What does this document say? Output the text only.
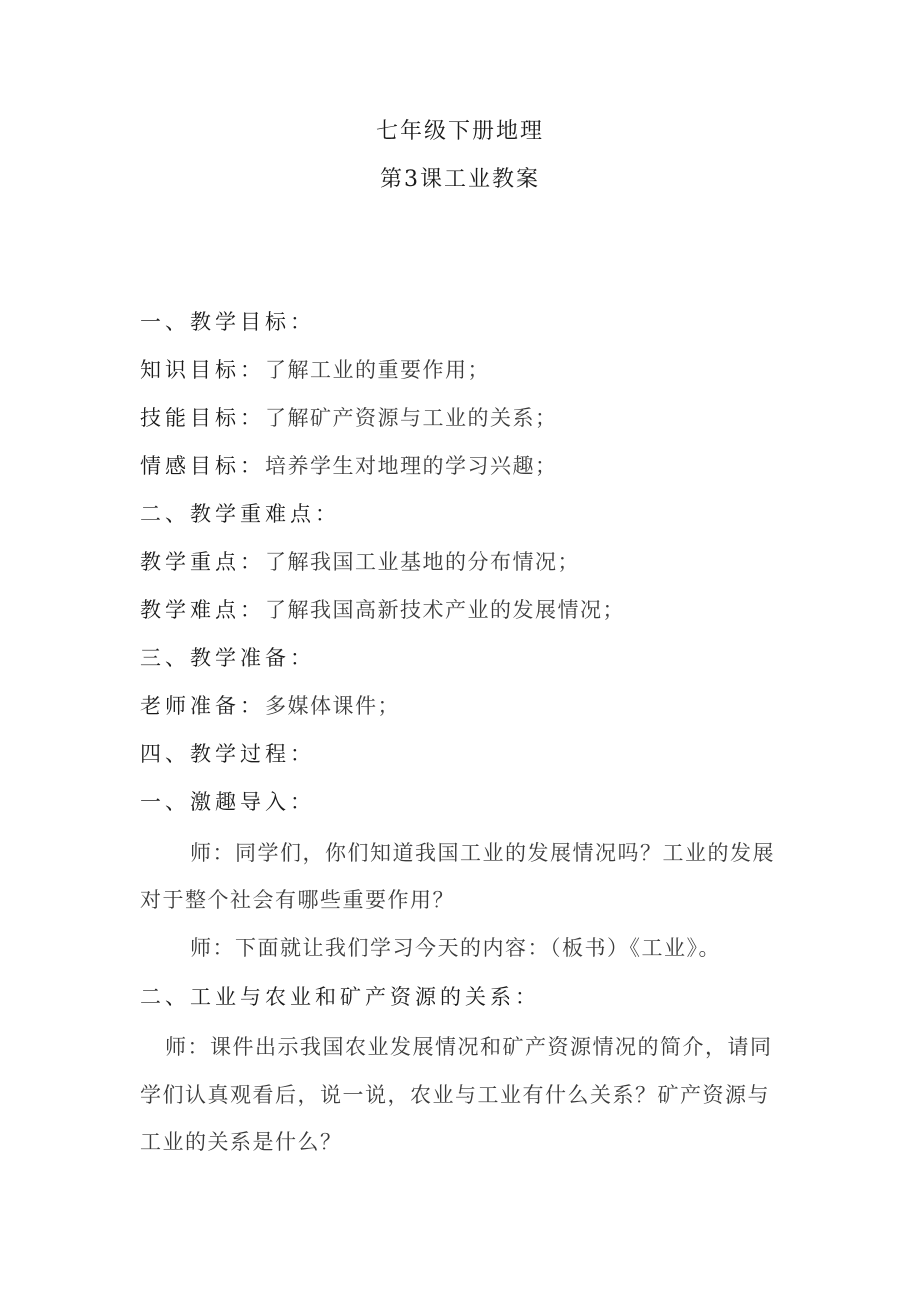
七年级下册地理
第3课工业教案
一、教学目标：
知识目标：了解工业的重要作用；
技能目标：了解矿产资源与工业的关系；
情感目标：培养学生对地理的学习兴趣；
二、教学重难点：
教学重点：了解我国工业基地的分布情况；
教学难点：了解我国高新技术产业的发展情况；
三、教学准备：
老师准备：多媒体课件；
四、教学过程：
一、激趣导入：
师：同学们，你们知道我国工业的发展情况吗？工业的发展
对于整个社会有哪些重要作用？
师：下面就让我们学习今天的内容：（板书）《工业》。
二、工业与农业和矿产资源的关系：
师：课件出示我国农业发展情况和矿产资源情况的简介，请同
学们认真观看后，说一说，农业与工业有什么关系？矿产资源与
工业的关系是什么？
